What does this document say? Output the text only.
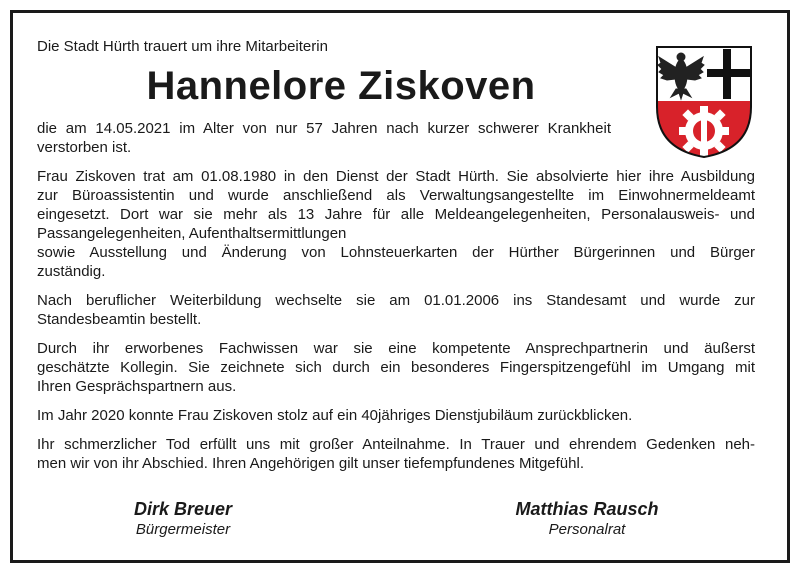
Die Stadt Hürth trauert um ihre Mitarbeiterin

Hannelore Ziskoven

die am 14.05.2021 im Alter von nur 57 Jahren nach kurzer schwerer Krankheit

verstorben ist.

Frau Ziskoven trat am 01.08.1980 in den Dienst der Stadt Hürth. Sie absolvierte hier ihre Ausbildung

zur Büroassistentin und wurde anschließend als Verwaltungsangestellte im Einwohnermeldeamt

eingesetzt. Dort war sie mehr als 13 Jahre für alle Meldeangelegenheiten, Personalausweis- und

Passangelegenheiten, Aufenthaltsermittlungen

sowie Ausstellung und Änderung von Lohnsteuerkarten der Hürther Bürgerinnen und Bürger

zuständig.

Nach beruflicher Weiterbildung wechselte sie am 01.01.2006 ins Standesamt und wurde zur

Standesbeamtin bestellt.

Durch ihr erworbenes Fachwissen war sie eine kompetente Ansprechpartnerin und äußerst

geschätzte Kollegin. Sie zeichnete sich durch ein besonderes Fingerspitzengefühl im Umgang mit

Ihren Gesprächspartnern aus.

Im Jahr 2020 konnte Frau Ziskoven stolz auf ein 40jähriges Dienstjubiläum zurückblicken.

Ihr schmerzlicher Tod erfüllt uns mit großer Anteilnahme. In Trauer und ehrendem Gedenken neh-

men wir von ihr Abschied. Ihren Angehörigen gilt unser tiefempfundenes Mitgefühl.

Dirk Breuer
Bürgermeister
Matthias Rausch
Personalrat
